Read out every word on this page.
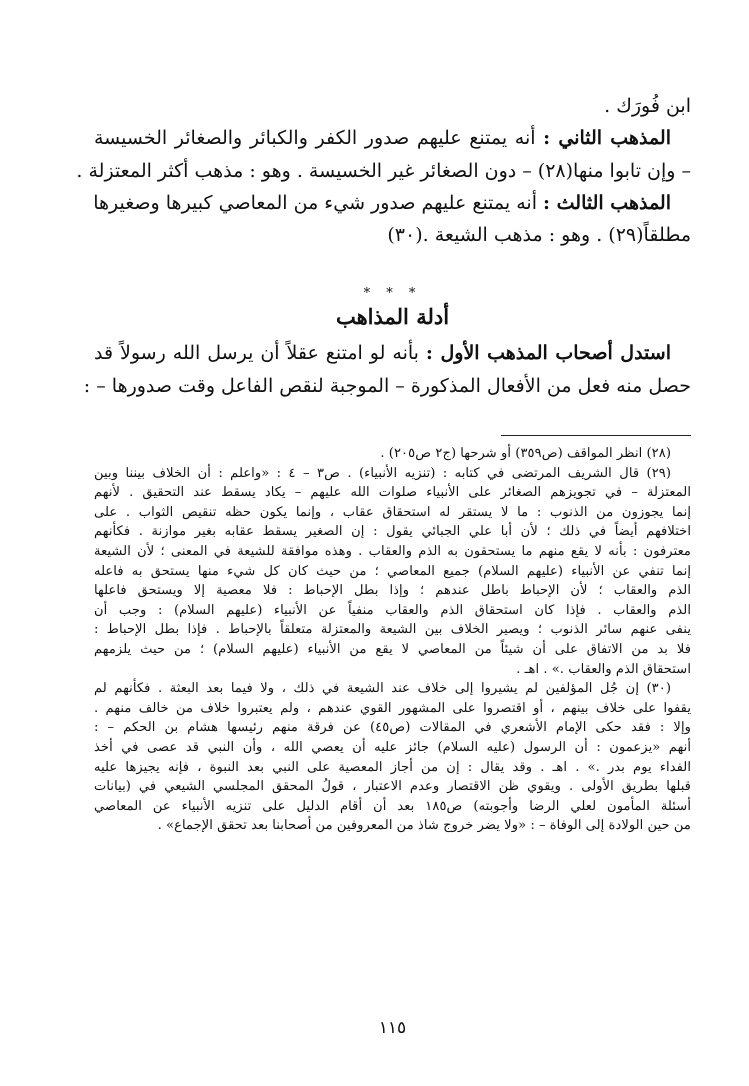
ابن فُورَك .
المذهب الثاني : أنه يمتنع عليهم صدور الكفر والكبائر والصغائر الخسيسة
– وإن تابوا منها(٢٨) – دون الصغائر غير الخسيسة . وهو : مذهب أكثر المعتزلة .
المذهب الثالث : أنه يمتنع عليهم صدور شيء من المعاصي كبيرها وصغيرها
مطلقاً(٢٩) . وهو : مذهب الشيعة .(٣٠)
* * *
أدلة المذاهب
استدل أصحاب المذهب الأول : بأنه لو امتنع عقلاً أن يرسل الله رسولاً قد
حصل منه فعل من الأفعال المذكورة – الموجبة لنقص الفاعل وقت صدورها – :
(٢٨) انظر المواقف (ص٣٥٩) أو شرحها (ج٢ ص٢٠٥) .
(٢٩) قال الشريف المرتضى في كتابه : (تنزيه الأنبياء) . ص٣ – ٤ : «واعلم : أن الخلاف بيننا وبين
المعتزلة – في تجويزهم الصغائر على الأنبياء صلوات الله عليهم – يكاد يسقط عند التحقيق . لأنهم
إنما يجوزون من الذنوب : ما لا يستقر له استحقاق عقاب ، وإنما يكون حظه تنقيص الثواب . على
اختلافهم أيضاً في ذلك ؛ لأن أبا علي الجبائي يقول : إن الصغير يسقط عقابه بغير موازنة . فكأنهم
معترفون : بأنه لا يقع منهم ما يستحقون به الذم والعقاب . وهذه موافقة للشيعة في المعنى ؛ لأن الشيعة
إنما تنفي عن الأنبياء (عليهم السلام) جميع المعاصي ؛ من حيث كان كل شيء منها يستحق به فاعله
الذم والعقاب ؛ لأن الإحباط باطل عندهم ؛ وإذا بطل الإحباط : فلا معصية إلا ويستحق فاعلها
الذم والعقاب . فإذا كان استحقاق الذم والعقاب منفياً عن الأنبياء (عليهم السلام) : وجب أن
ينفى عنهم سائر الذنوب ؛ ويصير الخلاف بين الشيعة والمعتزلة متعلقاً بالإحباط . فإذا بطل الإحباط :
فلا بد من الاتفاق على أن شيئاً من المعاصي لا يقع من الأنبياء (عليهم السلام) ؛ من حيث يلزمهم
استحقاق الذم والعقاب .» . اهـ .
(٣٠) إن جُل المؤلفين لم يشيروا إلى خلاف عند الشيعة في ذلك ، ولا فيما بعد البعثة . فكأنهم لم
يقفوا على خلاف بينهم ، أو اقتصروا على المشهور القوي عندهم ، ولم يعتبروا خلاف من خالف منهم .
وإلا : فقد حكى الإمام الأشعري في المقالات (ص٤٥) عن فرقة منهم رئيسها هشام بن الحكم – :
أنهم «يزعمون : أن الرسول (عليه السلام) جائز عليه أن يعصي الله ، وأن النبي قد عصى في أخذ
الفداء يوم بدر .» . اهـ . وقد يقال : إن من أجاز المعصية على النبي بعد النبوة ، فإنه يجيزها عليه
قبلها بطريق الأولى . ويقوي ظن الاقتصار وعدم الاعتبار ، قولُ المحقق المجلسي الشيعي في (بيانات
أسئلة المأمون لعلي الرضا وأجوبته) ص١٨٥ بعد أن أقام الدليل على تنزيه الأنبياء عن المعاصي
من حين الولادة إلى الوفاة – : «ولا يضر خروج شاذ من المعروفين من أصحابنا بعد تحقق الإجماع» .
١١٥
